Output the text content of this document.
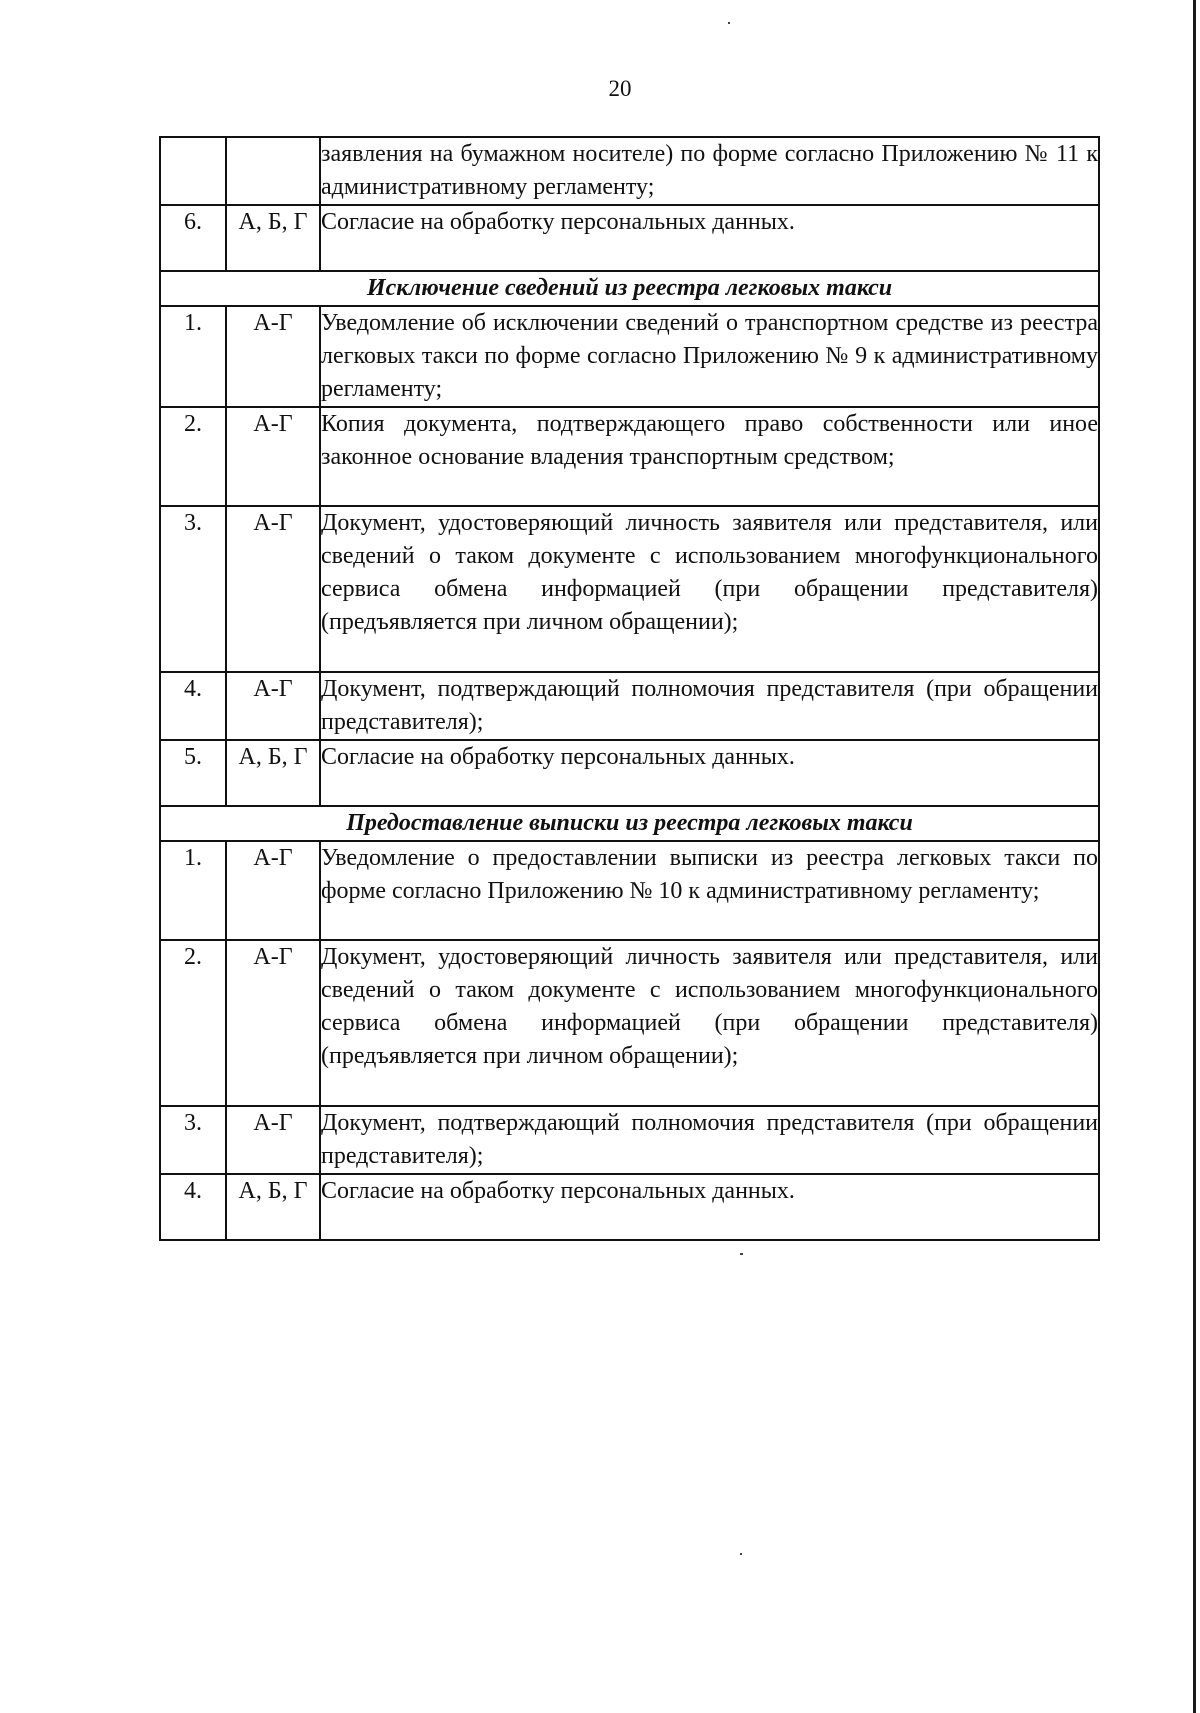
20
		заявления на бумажном носителе) по форме согласно Приложению № 11 к административному регламенту;
6.	А, Б, Г	Согласие на обработку персональных данных.
Исключение сведений из реестра легковых такси		
1.	А-Г	Уведомление об исключении сведений о транспортном средстве из реестра легковых такси по форме согласно Приложению № 9 к административному регламенту;
2.	А-Г	Копия документа, подтверждающего право собственности или иное законное основание владения транспортным средством;
3.	А-Г	Документ, удостоверяющий личность заявителя или представителя, или сведений о таком документе с использованием многофункционального сервиса обмена информацией (при обращении представителя) (предъявляется при личном обращении);
4.	А-Г	Документ, подтверждающий полномочия представителя (при обращении представителя);
5.	А, Б, Г	Согласие на обработку персональных данных.
Предоставление выписки из реестра легковых такси		
1.	А-Г	Уведомление о предоставлении выписки из реестра легковых такси по форме согласно Приложению № 10 к административному регламенту;
2.	А-Г	Документ, удостоверяющий личность заявителя или представителя, или сведений о таком документе с использованием многофункционального сервиса обмена информацией (при обращении представителя) (предъявляется при личном обращении);
3.	А-Г	Документ, подтверждающий полномочия представителя (при обращении представителя);
4.	А, Б, Г	Согласие на обработку персональных данных.
